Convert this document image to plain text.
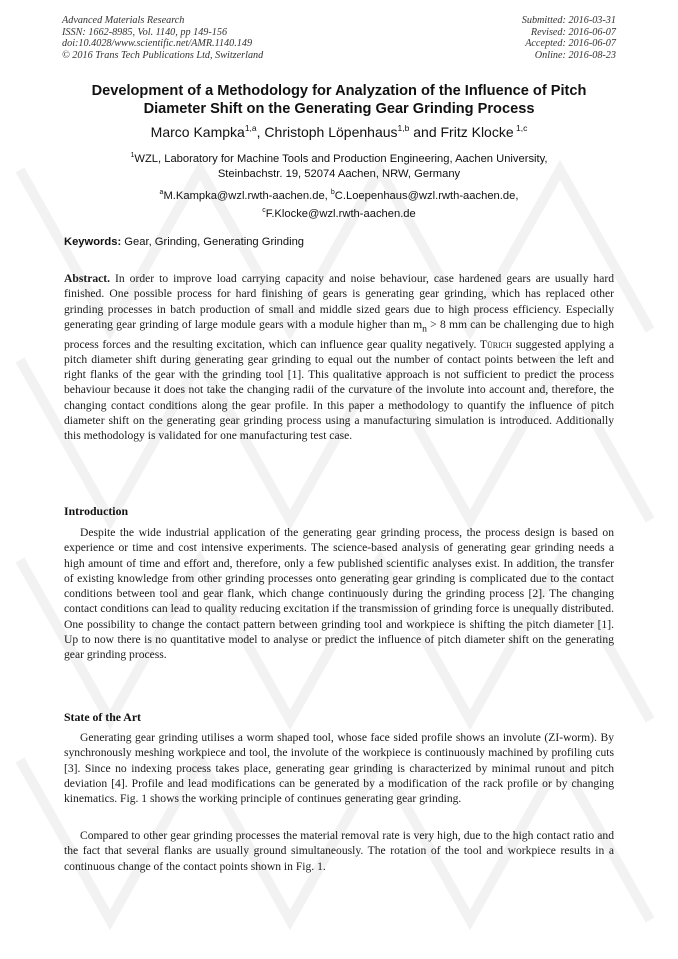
Advanced Materials Research
ISSN: 1662-8985, Vol. 1140, pp 149-156
doi:10.4028/www.scientific.net/AMR.1140.149
© 2016 Trans Tech Publications Ltd, Switzerland
Submitted: 2016-03-31
Revised: 2016-06-07
Accepted: 2016-06-07
Online: 2016-08-23
Development of a Methodology for Analyzation of the Influence of Pitch
Diameter Shift on the Generating Gear Grinding Process
Marco Kampka$^{1,a}$, Christoph Löpenhaus$^{1,b}$ and Fritz Klocke $^{1,c}$
$^1$WZL, Laboratory for Machine Tools and Production Engineering, Aachen University,
Steinbachstr. 19, 52074 Aachen, NRW, Germany
$^a$M.Kampka@wzl.rwth-aachen.de, $^b$C.Loepenhaus@wzl.rwth-aachen.de,
$^c$F.Klocke@wzl.rwth-aachen.de
Keywords: Gear, Grinding, Generating Grinding

Abstract. In order to improve load carrying capacity and noise behaviour, case hardened gears are usually hard finished. One possible process for hard finishing of gears is generating gear grinding, which has replaced other grinding processes in batch production of small and middle sized gears due to high process efficiency. Especially generating gear grinding of large module gears with a module higher than $m_n > 8$ mm can be challenging due to high process forces and the resulting excitation, which can influence gear quality negatively. Türich suggested applying a pitch diameter shift during generating gear grinding to equal out the number of contact points between the left and right flanks of the gear with the grinding tool [1]. This qualitative approach is not sufficient to predict the process behaviour because it does not take the changing radii of the curvature of the involute into account and, therefore, the changing contact conditions along the gear profile. In this paper a methodology to quantify the influence of pitch diameter shift on the generating gear grinding process using a manufacturing simulation is introduced. Additionally this methodology is validated for one manufacturing test case.

Introduction

Despite the wide industrial application of the generating gear grinding process, the process design is based on experience or time and cost intensive experiments. The science-based analysis of generating gear grinding needs a high amount of time and effort and, therefore, only a few published scientific analyses exist. In addition, the transfer of existing knowledge from other grinding processes onto generating gear grinding is complicated due to the contact conditions between tool and gear flank, which change continuously during the grinding process [2]. The changing contact conditions can lead to quality reducing excitation if the transmission of grinding force is unequally distributed. One possibility to change the contact pattern between grinding tool and workpiece is shifting the pitch diameter [1]. Up to now there is no quantitative model to analyse or predict the influence of pitch diameter shift on the generating gear grinding process.

State of the Art

Generating gear grinding utilises a worm shaped tool, whose face sided profile shows an involute (ZI-worm). By synchronously meshing workpiece and tool, the involute of the workpiece is continuously machined by profiling cuts [3]. Since no indexing process takes place, generating gear grinding is characterized by minimal runout and pitch deviation [4]. Profile and lead modifications can be generated by a modification of the rack profile or by changing kinematics. Fig. 1 shows the working principle of continues generating gear grinding.

Compared to other gear grinding processes the material removal rate is very high, due to the high contact ratio and the fact that several flanks are usually ground simultaneously. The rotation of the tool and workpiece results in a continuous change of the contact points shown in Fig. 1.
